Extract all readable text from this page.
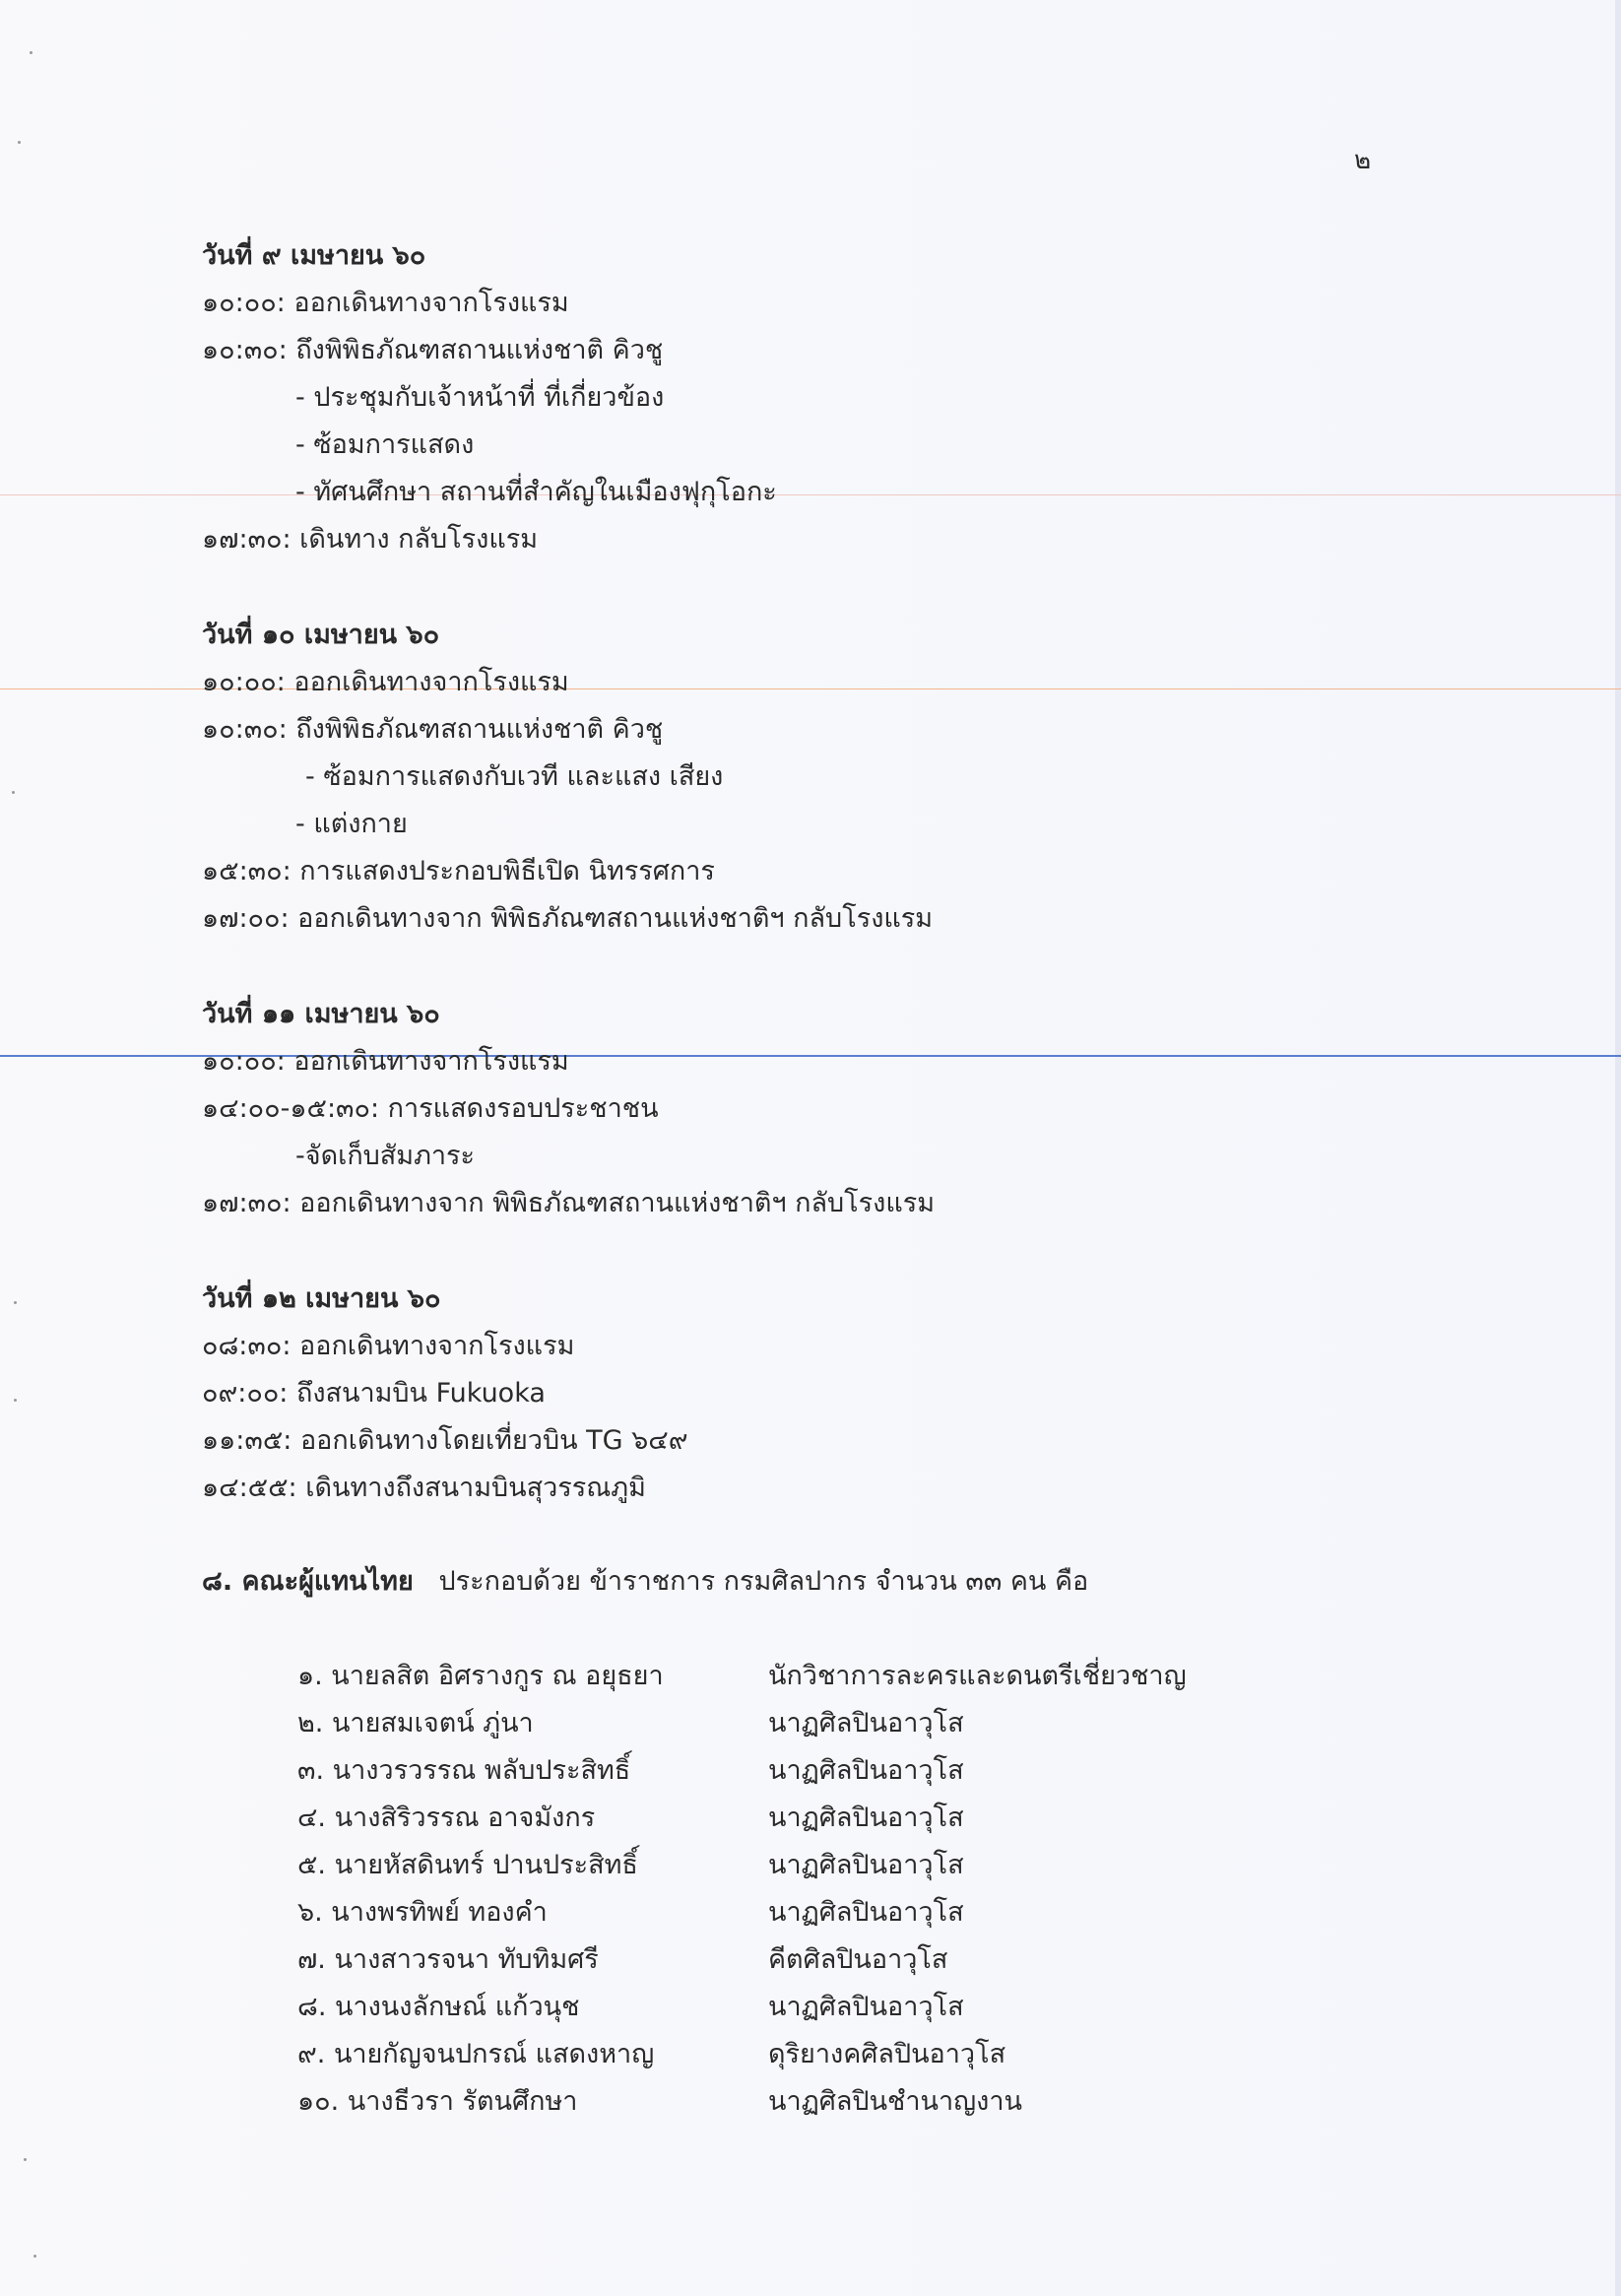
๒
วันที่ ๙ เมษายน ๖๐
๑๐:๐๐: ออกเดินทางจากโรงแรม
๑๐:๓๐: ถึงพิพิธภัณฑสถานแห่งชาติ คิวชู
- ประชุมกับเจ้าหน้าที่ ที่เกี่ยวข้อง
- ซ้อมการแสดง
- ทัศนศึกษา สถานที่สำคัญในเมืองฟุกุโอกะ
๑๗:๓๐: เดินทาง กลับโรงแรม
วันที่ ๑๐ เมษายน ๖๐
๑๐:๐๐: ออกเดินทางจากโรงแรม
๑๐:๓๐: ถึงพิพิธภัณฑสถานแห่งชาติ คิวชู
- ซ้อมการแสดงกับเวที และแสง เสียง
- แต่งกาย
๑๕:๓๐: การแสดงประกอบพิธีเปิด นิทรรศการ
๑๗:๐๐: ออกเดินทางจาก พิพิธภัณฑสถานแห่งชาติฯ กลับโรงแรม
วันที่ ๑๑ เมษายน ๖๐
๑๐:๐๐: ออกเดินทางจากโรงแรม
๑๔:๐๐-๑๕:๓๐: การแสดงรอบประชาชน
-จัดเก็บสัมภาระ
๑๗:๓๐: ออกเดินทางจาก พิพิธภัณฑสถานแห่งชาติฯ กลับโรงแรม
วันที่ ๑๒ เมษายน ๖๐
๐๘:๓๐: ออกเดินทางจากโรงแรม
๐๙:๐๐: ถึงสนามบิน Fukuoka
๑๑:๓๕: ออกเดินทางโดยเที่ยวบิน TG ๖๔๙
๑๔:๕๕: เดินทางถึงสนามบินสุวรรณภูมิ
๘. คณะผู้แทนไทย ประกอบด้วย ข้าราชการ กรมศิลปากร จำนวน ๓๓ คน คือ
๑. นายลสิต อิศรางกูร ณ อยุธยา	นักวิชาการละครและดนตรีเชี่ยวชาญ
๒. นายสมเจตน์ ภู่นา	นาฏศิลปินอาวุโส
๓. นางวรวรรณ พลับประสิทธิ์	นาฏศิลปินอาวุโส
๔. นางสิริวรรณ อาจมังกร	นาฏศิลปินอาวุโส
๕. นายหัสดินทร์ ปานประสิทธิ์	นาฏศิลปินอาวุโส
๖. นางพรทิพย์ ทองคำ	นาฏศิลปินอาวุโส
๗. นางสาวรจนา ทับทิมศรี	คีตศิลปินอาวุโส
๘. นางนงลักษณ์ แก้วนุช	นาฏศิลปินอาวุโส
๙. นายกัญจนปกรณ์ แสดงหาญ	ดุริยางคศิลปินอาวุโส
๑๐. นางธีวรา รัตนศึกษา	นาฏศิลปินชำนาญงาน
